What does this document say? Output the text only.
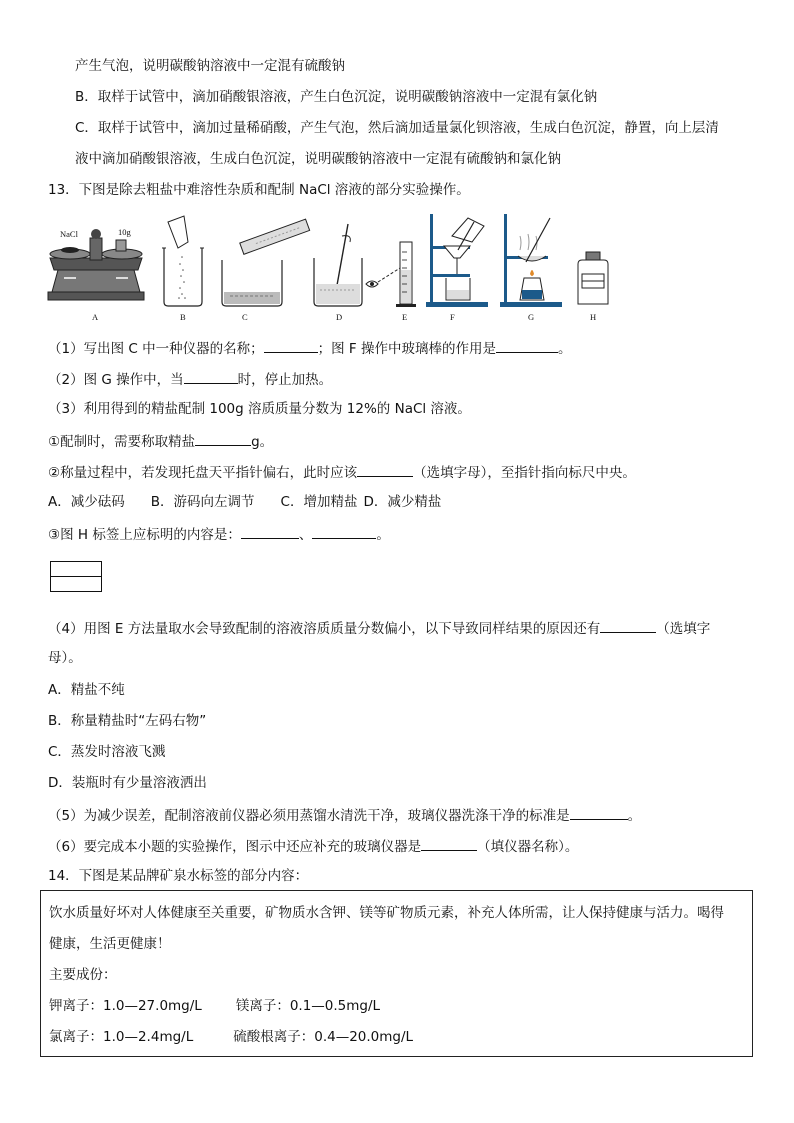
产生气泡，说明碳酸钠溶液中一定混有硫酸钠
B．取样于试管中，滴加硝酸银溶液，产生白色沉淀，说明碳酸钠溶液中一定混有氯化钠
C．取样于试管中，滴加过量稀硝酸，产生气泡，然后滴加适量氯化钡溶液，生成白色沉淀，静置，向上层清
液中滴加硝酸银溶液，生成白色沉淀，说明碳酸钠溶液中一定混有硫酸钠和氯化钠
13．下图是除去粗盐中难溶性杂质和配制 NaCl 溶液的部分实验操作。
NaCl	10g
A	B	C	D	E	F	G	H
（1）写出图 C 中一种仪器的名称；	；图 F 操作中玻璃棒的作用是	。
（2）图 G 操作中，当	时，停止加热。
（3）利用得到的精盐配制 100g 溶质质量分数为 12%的 NaCl 溶液。
①配制时，需要称取精盐	g。
②称量过程中，若发现托盘天平指针偏右，此时应该	（选填字母），至指针指向标尺中央。
A．减少砝码 B．游码向左调节 C．增加精盐 D．减少精盐
③图 H 标签上应标明的内容是：	、	。
（4）用图 E 方法量取水会导致配制的溶液溶质质量分数偏小，以下导致同样结果的原因还有	（选填字
母）。
A．精盐不纯
B．称量精盐时“左码右物”
C．蒸发时溶液飞溅
D．装瓶时有少量溶液洒出
（5）为减少误差，配制溶液前仪器必须用蒸馏水清洗干净，玻璃仪器洗涤干净的标准是	。
（6）要完成本小题的实验操作，图示中还应补充的玻璃仪器是	（填仪器名称）。
14．下图是某品牌矿泉水标签的部分内容：
饮水质量好坏对人体健康至关重要，矿物质水含钾、镁等矿物质元素，补充人体所需，让人保持健康与活力。喝得
健康，生活更健康！
主要成份：
钾离子：1.0—27.0mg/L	镁离子：0.1—0.5mg/L
氯离子：1.0—2.4mg/L	硫酸根离子：0.4—20.0mg/L
